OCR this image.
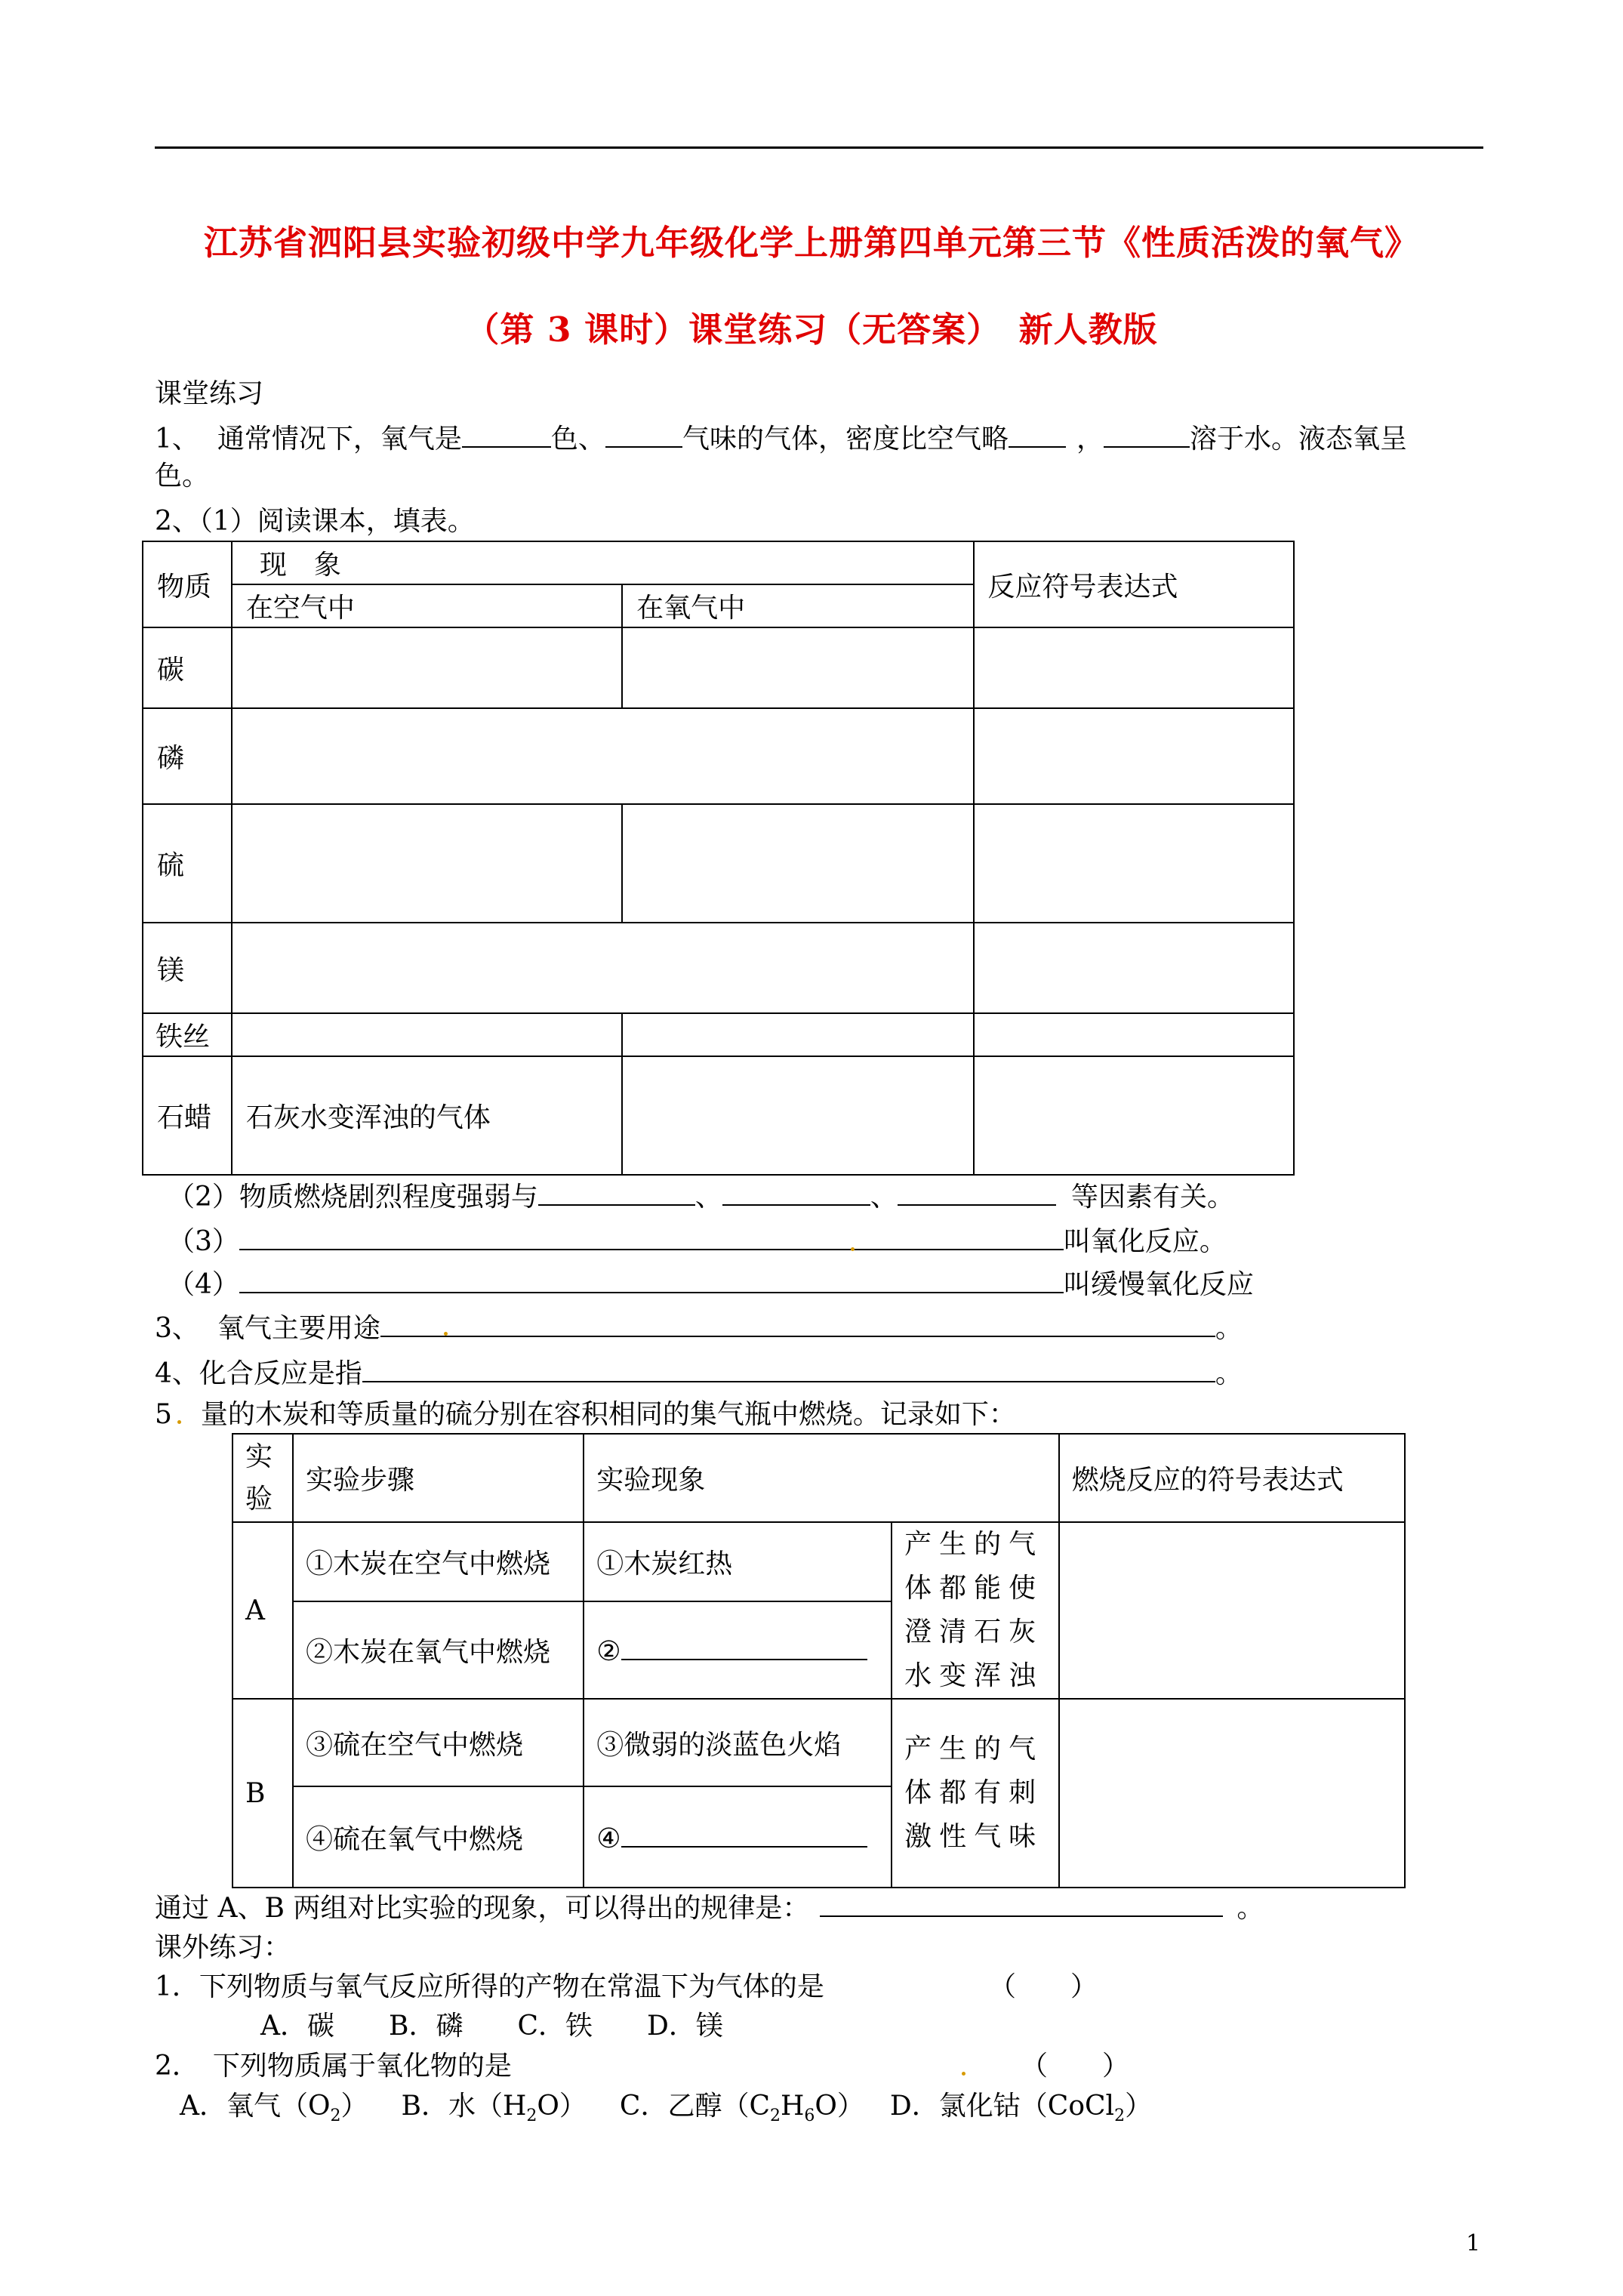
江苏省泗阳县实验初级中学九年级化学上册第四单元第三节《性质活泼的氧气》
（第 3 课时）课堂练习（无答案）　新人教版
课堂练习
1、 通常情况下，氧气是	色、	气味的气体，密度比空气略	，	溶于水。液态氧呈
色。
2、（1）阅读课本，填表。
物质	现　象		反应符号表达式
	在空气中	在氧气中	
碳			
磷			
硫			
镁			
铁丝			
石蜡	石灰水变浑浊的气体		
（2）物质燃烧剧烈程度强弱与	、	、	等因素有关。
（3）	叫氧化反应。
（4）	叫缓慢氧化反应
3、 氧气主要用途	。
4、化合反应是指	。
5 量的木炭和等质量的硫分别在容积相同的集气瓶中燃烧。记录如下：
实验	实验步骤	实验现象		燃烧反应的符号表达式
A	①木炭在空气中燃烧	①木炭红热	产生的气体都能使澄清石灰水变浑浊	
	②木炭在氧气中燃烧	②		
B	③硫在空气中燃烧	③微弱的淡蓝色火焰	产生的气体都有刺激性气味	
	④硫在氧气中燃烧	④		
通过 A、B 两组对比实验的现象，可以得出的规律是：	。
课外练习：
1．下列物质与氧气反应所得的产物在常温下为气体的是	（　　）
A．碳　　B．磷　　C．铁　　D．镁
2．　下列物质属于氧化物的是	（　　）
A．氧气$(O_2)$ B．水$(H_2O)$ C．乙醇$(C_2H_6O)$ D．氯化钴（CoCl$_2$）
1
